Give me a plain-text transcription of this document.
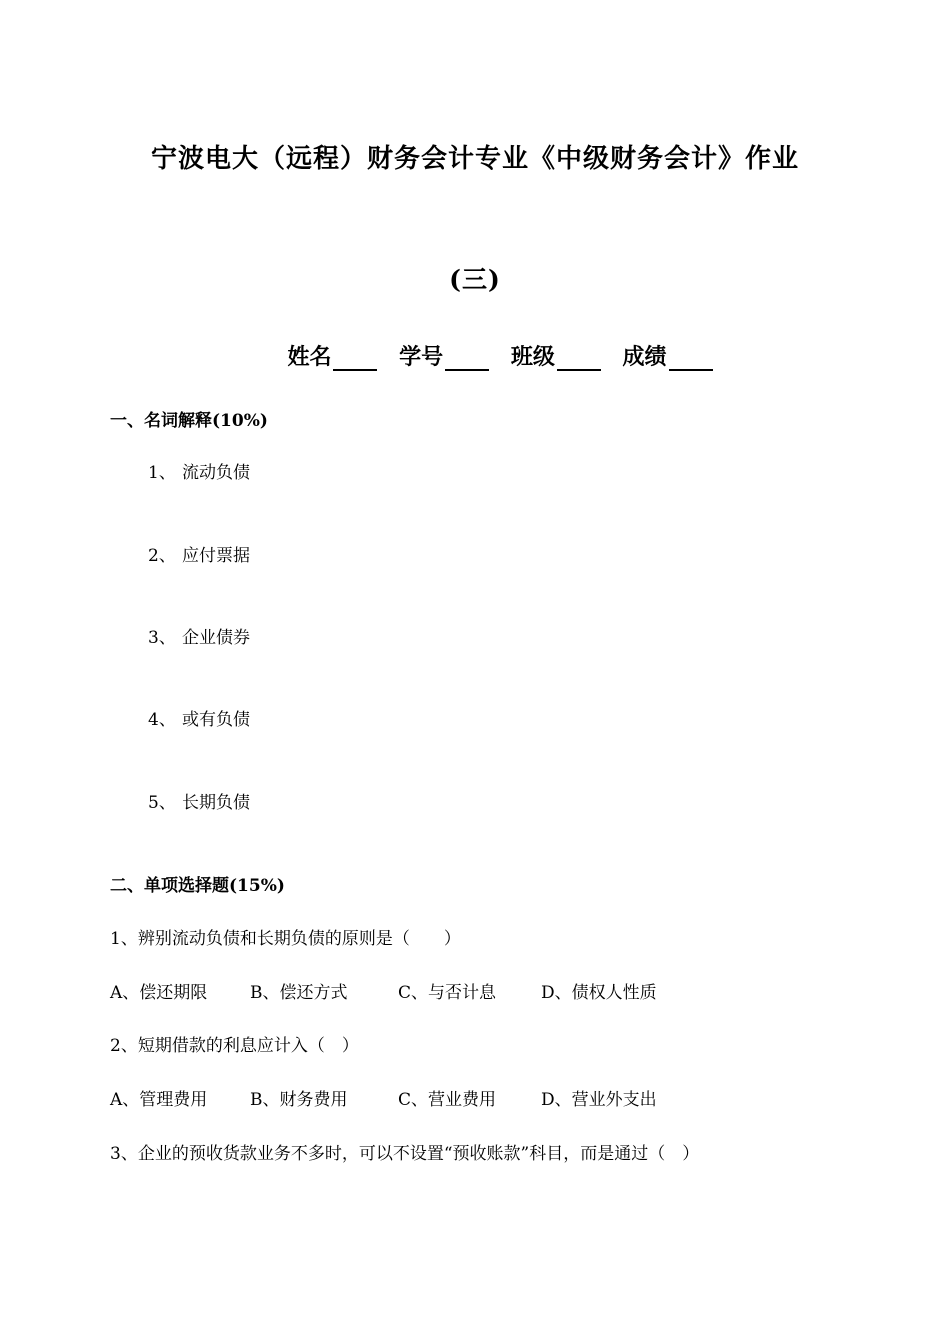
宁波电大（远程）财务会计专业《中级财务会计》作业
(三)
姓名	学号	班级	成绩
一、名词解释(10%)
1、 流动负债
2、 应付票据
3、 企业债券
4、 或有负债
5、 长期负债
二、单项选择题(15%)
1、辨别流动负债和长期负债的原则是（　　）
A、偿还期限	B、偿还方式	C、与否计息	D、债权人性质
2、短期借款的利息应计入（　）
A、管理费用	B、财务费用	C、营业费用	D、营业外支出
3、企业的预收货款业务不多时，可以不设置“预收账款”科目，而是通过（　）
